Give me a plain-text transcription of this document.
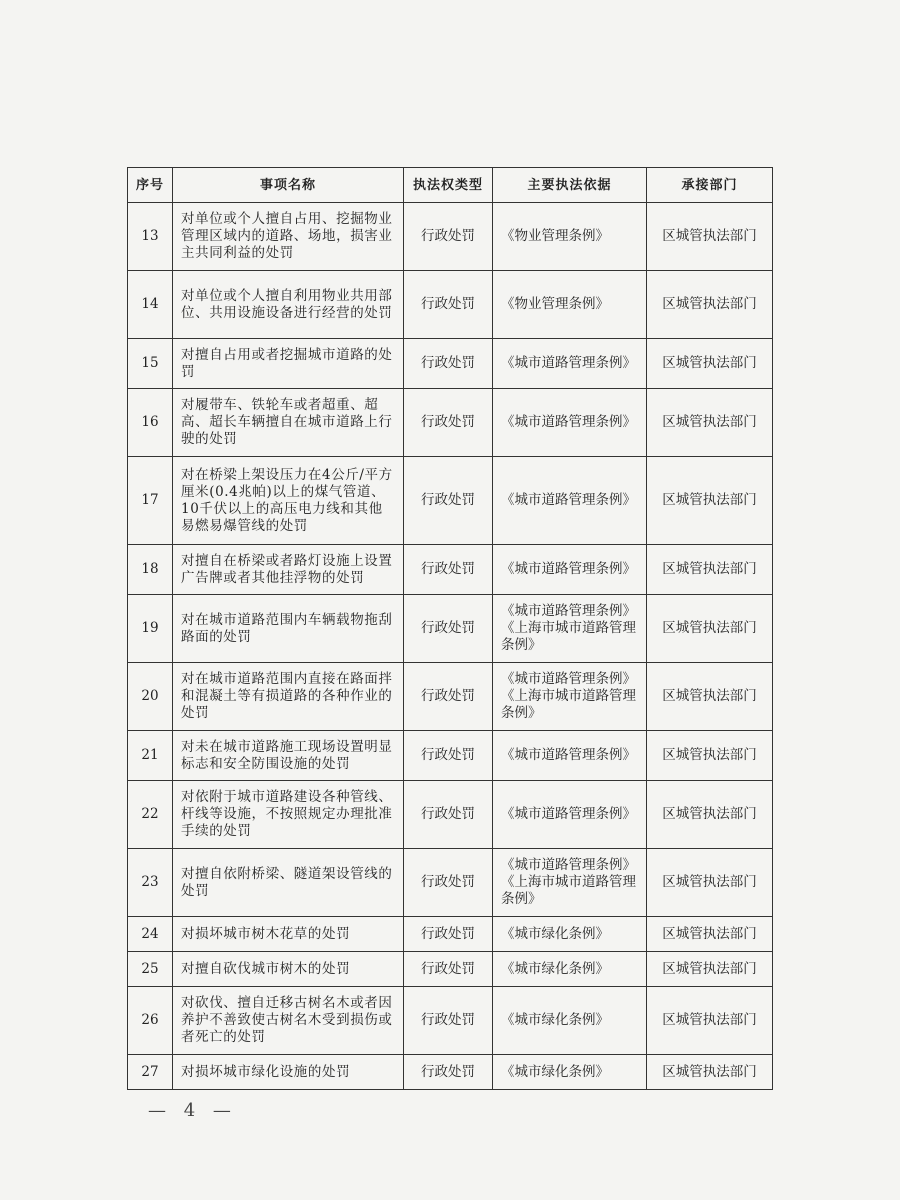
序号	事项名称	执法权类型	主要执法依据	承接部门
13	对单位或个人擅自占用、挖掘物业管理区域内的道路、场地，损害业主共同利益的处罚	行政处罚	《物业管理条例》	区城管执法部门
14	对单位或个人擅自利用物业共用部位、共用设施设备进行经营的处罚	行政处罚	《物业管理条例》	区城管执法部门
15	对擅自占用或者挖掘城市道路的处罚	行政处罚	《城市道路管理条例》	区城管执法部门
16	对履带车、铁轮车或者超重、超高、超长车辆擅自在城市道路上行驶的处罚	行政处罚	《城市道路管理条例》	区城管执法部门
17	对在桥梁上架设压力在4公斤/平方厘米(0.4兆帕)以上的煤气管道、10千伏以上的高压电力线和其他易燃易爆管线的处罚	行政处罚	《城市道路管理条例》	区城管执法部门
18	对擅自在桥梁或者路灯设施上设置广告牌或者其他挂浮物的处罚	行政处罚	《城市道路管理条例》	区城管执法部门
19	对在城市道路范围内车辆载物拖刮路面的处罚	行政处罚	《城市道路管理条例》《上海市城市道路管理条例》	区城管执法部门
20	对在城市道路范围内直接在路面拌和混凝土等有损道路的各种作业的处罚	行政处罚	《城市道路管理条例》《上海市城市道路管理条例》	区城管执法部门
21	对未在城市道路施工现场设置明显标志和安全防围设施的处罚	行政处罚	《城市道路管理条例》	区城管执法部门
22	对依附于城市道路建设各种管线、杆线等设施，不按照规定办理批准手续的处罚	行政处罚	《城市道路管理条例》	区城管执法部门
23	对擅自依附桥梁、隧道架设管线的处罚	行政处罚	《城市道路管理条例》《上海市城市道路管理条例》	区城管执法部门
24	对损坏城市树木花草的处罚	行政处罚	《城市绿化条例》	区城管执法部门
25	对擅自砍伐城市树木的处罚	行政处罚	《城市绿化条例》	区城管执法部门
26	对砍伐、擅自迁移古树名木或者因养护不善致使古树名木受到损伤或者死亡的处罚	行政处罚	《城市绿化条例》	区城管执法部门
27	对损坏城市绿化设施的处罚	行政处罚	《城市绿化条例》	区城管执法部门
— 4 —
